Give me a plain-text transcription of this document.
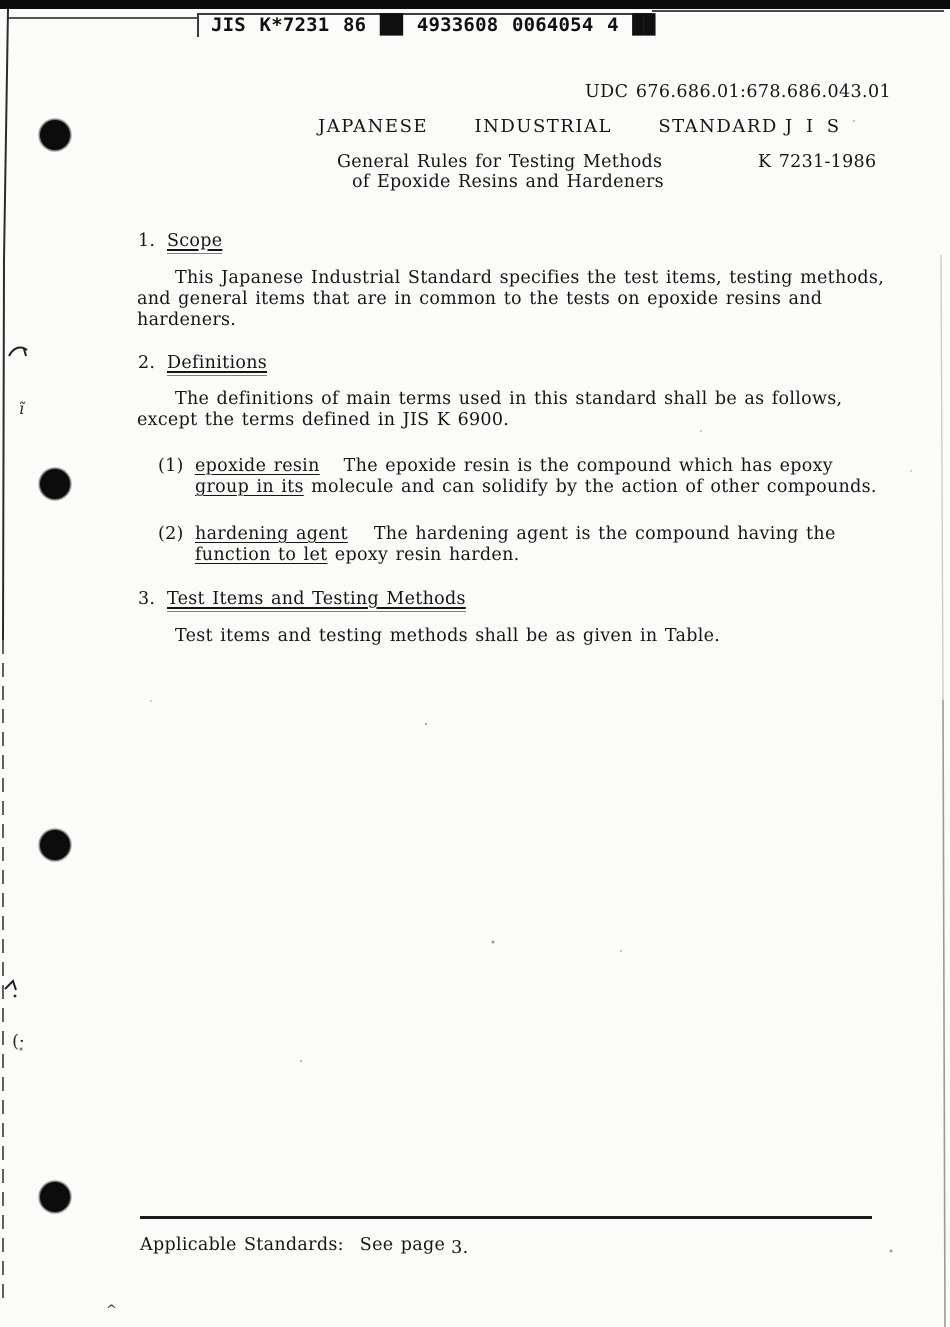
ĩ
(·
^
JIS K*7231 86 ██ 4933608 0064054 4 ██
UDC 676.686.01:678.686.043.01
JAPANESE  INDUSTRIAL  STANDARD J I S
General Rules for Testing Methods	K 7231-1986
of Epoxide Resins and Hardeners
1. Scope
This Japanese Industrial Standard specifies the test items, testing methods,
and general items that are in common to the tests on epoxide resins and
hardeners.
2. Definitions
The definitions of main terms used in this standard shall be as follows,
except the terms defined in JIS K 6900.
(1) epoxide resin The epoxide resin is the compound which has epoxy
group in its molecule and can solidify by the action of other compounds.
(2) hardening agent The hardening agent is the compound having the
function to let epoxy resin harden.
3. Test Items and Testing Methods
Test items and testing methods shall be as given in Table.
Applicable Standards: See page 3.
